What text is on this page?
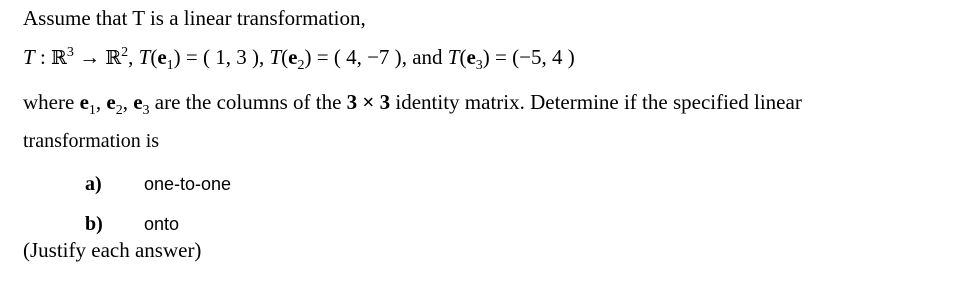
Assume that T is a linear transformation,
T : ℝ$^3$ → ℝ$^2$, $T(e_1)$ = ( 1, 3 ), $T(e_2)$ = ( 4, −7 ), and $T(e_3) = (-5$, 4 )
where $e_1$, $e_2$, $e_3$ are the columns of the 3 × 3 identity matrix. Determine if the specified linear
transformation is
a) one-to-one
b) onto
(Justify each answer)
